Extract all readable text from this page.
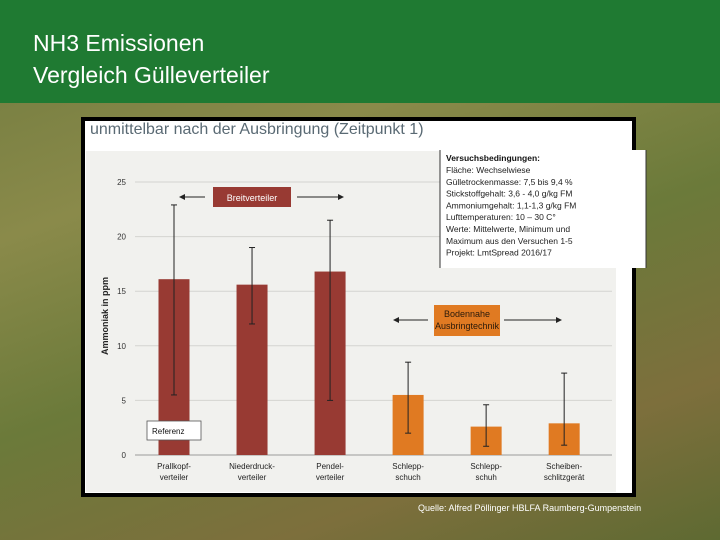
NH3 Emissionen
Vergleich Gülleverteiler
unmittelbar nach der Ausbringung (Zeitpunkt 1)
0
5
10
15
20
25
Ammoniak in ppm
Prallkopf-
verteiler
Niederdruck-
verteiler
Pendel-
verteiler
Schlepp-
schuch
Schlepp-
schuh
Scheiben-
schlitzgerät
Breitverteiler
Bodennahe
Ausbringtechnik
Referenz
Versuchsbedingungen:
Fläche: Wechselwiese
Gülletrockenmasse: 7,5 bis 9,4 %
Stickstoffgehalt: 3,6 - 4,0 g/kg FM
Ammoniumgehalt: 1,1-1,3 g/kg FM
Lufttemperaturen: 10 – 30 C°
Werte: Mittelwerte, Minimum und
Maximum aus den Versuchen 1-5
Projekt: LmtSpread 2016/17
Quelle: Alfred Pöllinger HBLFA Raumberg-Gumpenstein
